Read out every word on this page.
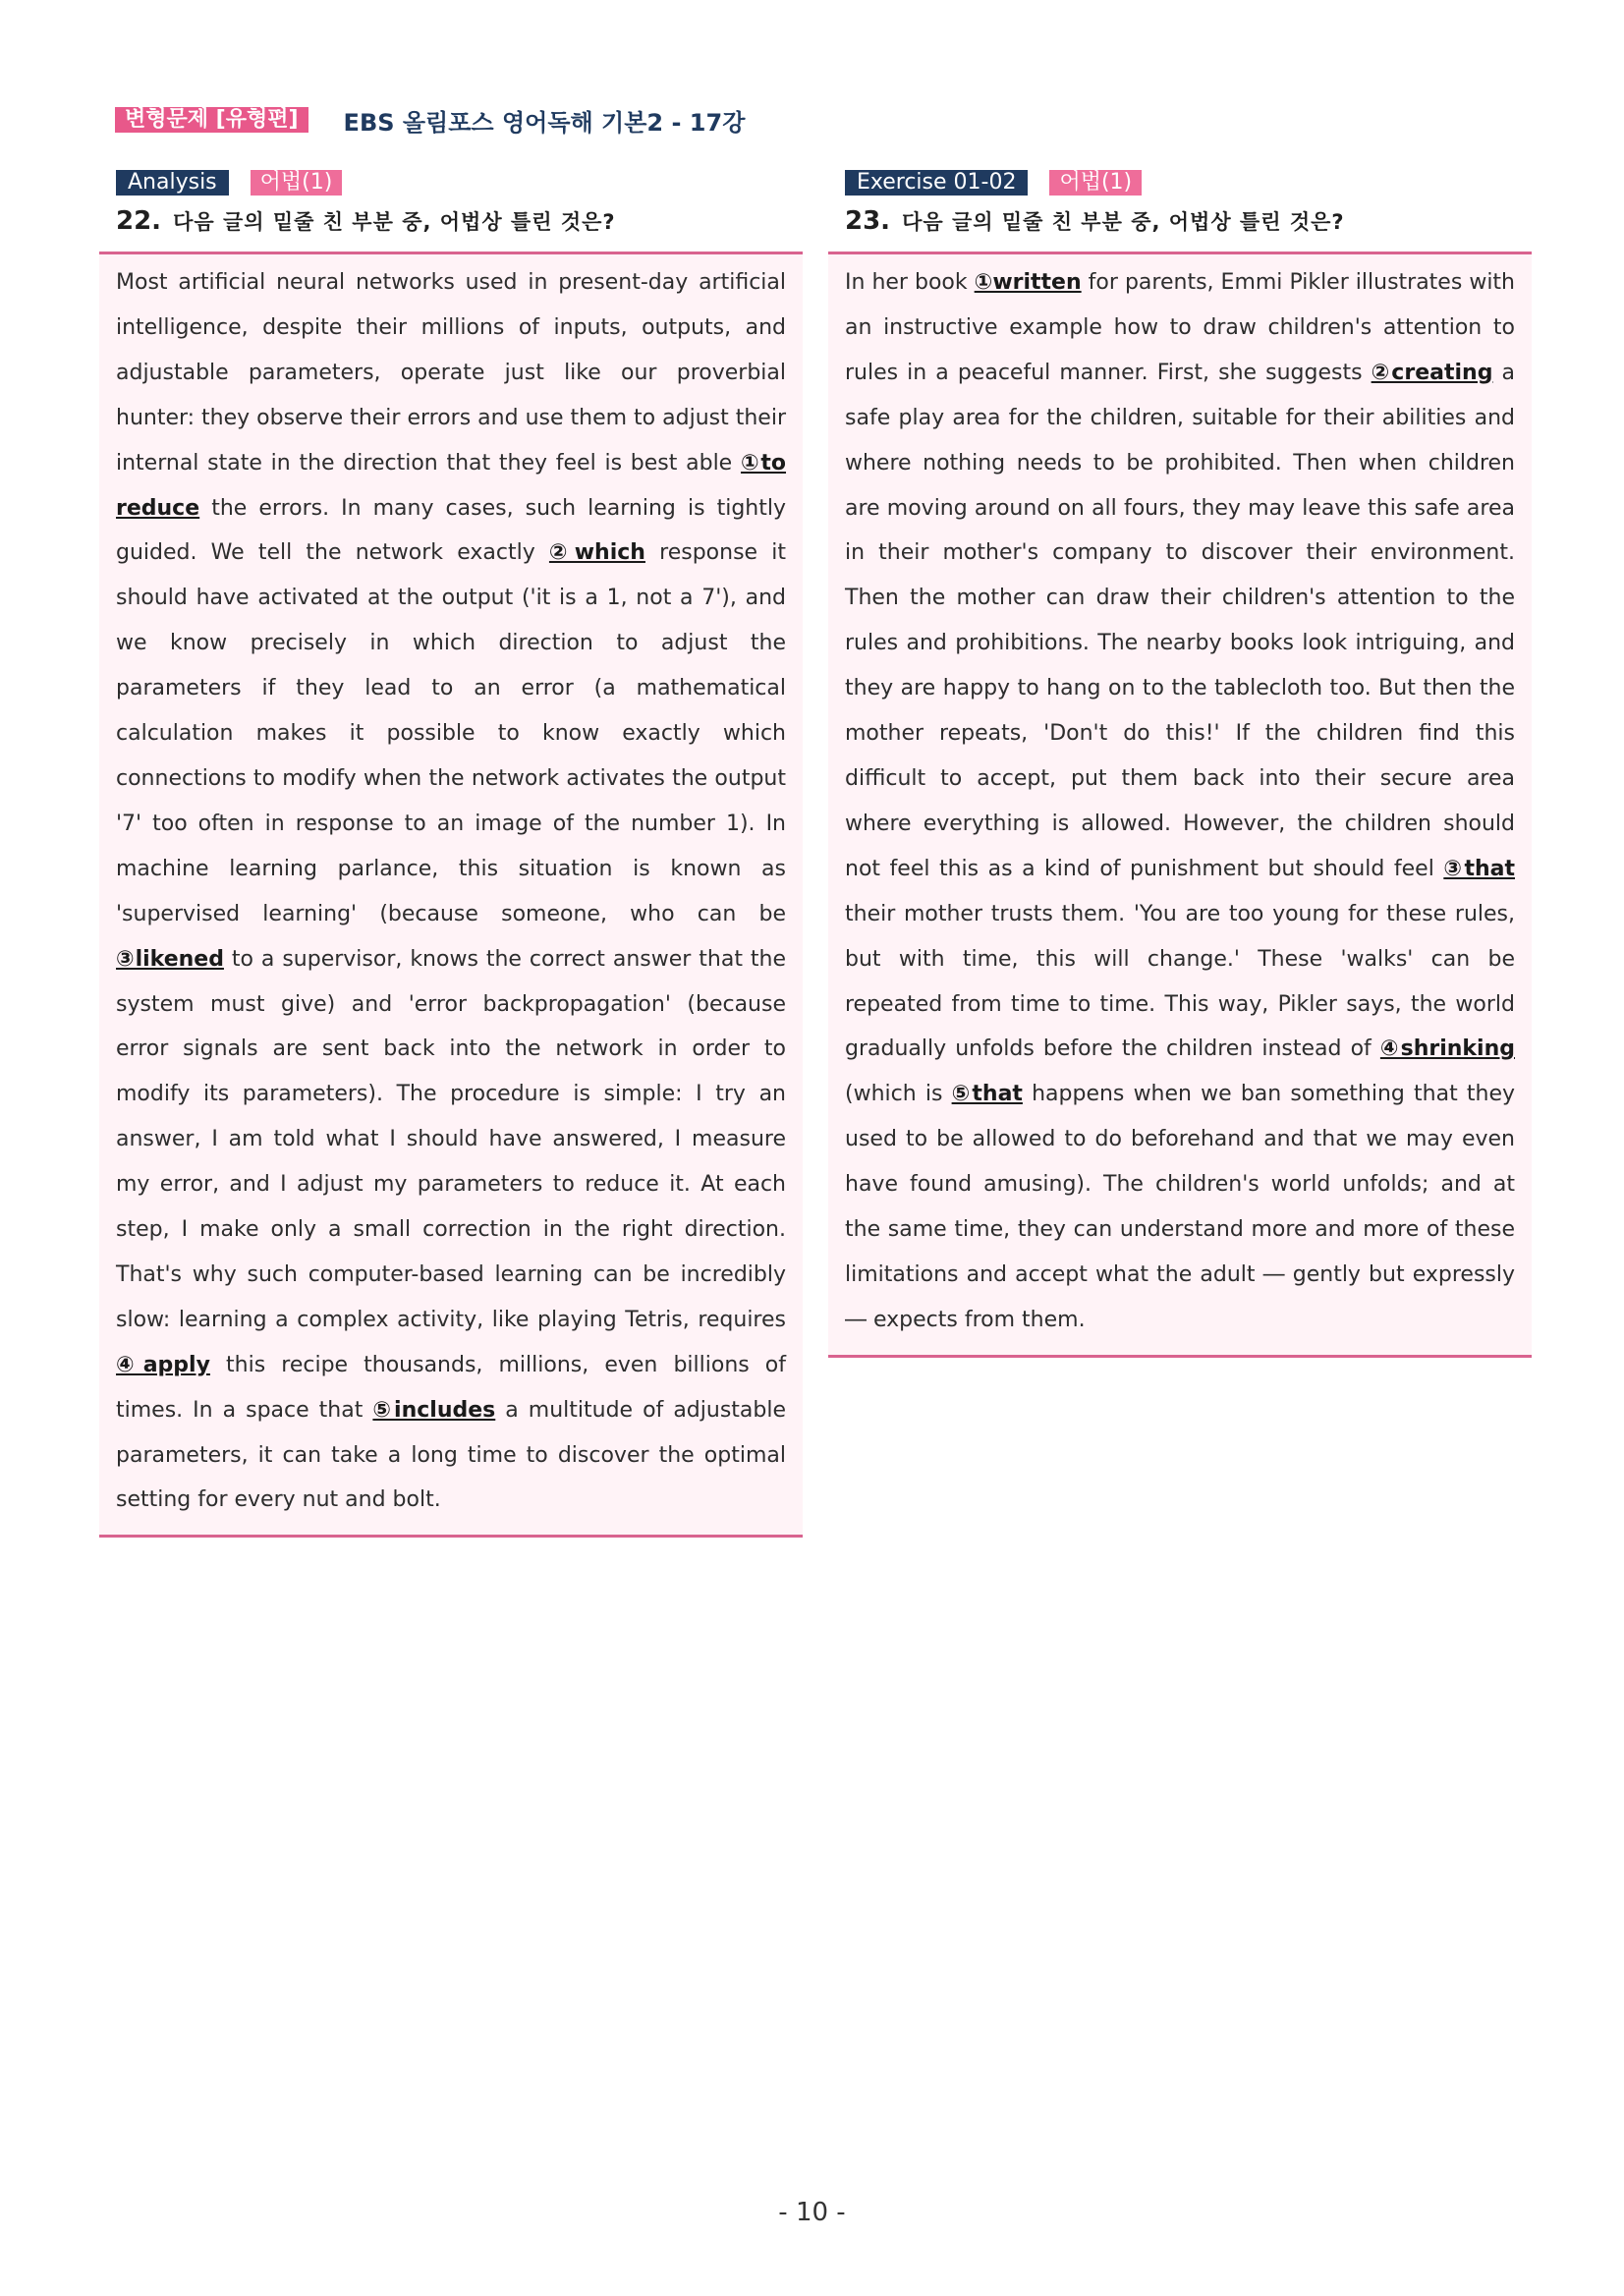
변형문제 [유형편]	EBS 올림포스 영어독해 기본2 - 17강
Analysis	어법(1)
22. 다음 글의 밑줄 친 부분 중, 어법상 틀린 것은?

Most artificial neural networks used in present-day artificial intelligence, despite their millions of inputs, outputs, and adjustable parameters, operate just like our proverbial hunter: they observe their errors and use them to adjust their internal state in the direction that they feel is best able ①to reduce the errors. In many cases, such learning is tightly guided. We tell the network exactly ②which response it should have activated at the output ('it is a 1, not a 7'), and we know precisely in which direction to adjust the parameters if they lead to an error (a mathematical calculation makes it possible to know exactly which connections to modify when the network activates the output '7' too often in response to an image of the number 1). In machine learning parlance, this situation is known as 'supervised learning' (because someone, who can be ③likened to a supervisor, knows the correct answer that the system must give) and 'error backpropagation' (because error signals are sent back into the network in order to modify its parameters). The procedure is simple: I try an answer, I am told what I should have answered, I measure my error, and I adjust my parameters to reduce it. At each step, I make only a small correction in the right direction. That's why such computer-based learning can be incredibly slow: learning a complex activity, like playing Tetris, requires ④apply this recipe thousands, millions, even billions of times. In a space that ⑤includes a multitude of adjustable parameters, it can take a long time to discover the optimal setting for every nut and bolt.

Exercise 01-02	어법(1)
23. 다음 글의 밑줄 친 부분 중, 어법상 틀린 것은?

In her book ①written for parents, Emmi Pikler illustrates with an instructive example how to draw children's attention to rules in a peaceful manner. First, she suggests ②creating a safe play area for the children, suitable for their abilities and where nothing needs to be prohibited. Then when children are moving around on all fours, they may leave this safe area in their mother's company to discover their environment. Then the mother can draw their children's attention to the rules and prohibitions. The nearby books look intriguing, and they are happy to hang on to the tablecloth too. But then the mother repeats, 'Don't do this!' If the children find this difficult to accept, put them back into their secure area where everything is allowed. However, the children should not feel this as a kind of punishment but should feel ③that their mother trusts them. 'You are too young for these rules, but with time, this will change.' These 'walks' can be repeated from time to time. This way, Pikler says, the world gradually unfolds before the children instead of ④shrinking (which is ⑤that happens when we ban something that they used to be allowed to do beforehand and that we may even have found amusing). The children's world unfolds; and at the same time, they can understand more and more of these limitations and accept what the adult ― gently but expressly ― expects from them.

- 10 -
